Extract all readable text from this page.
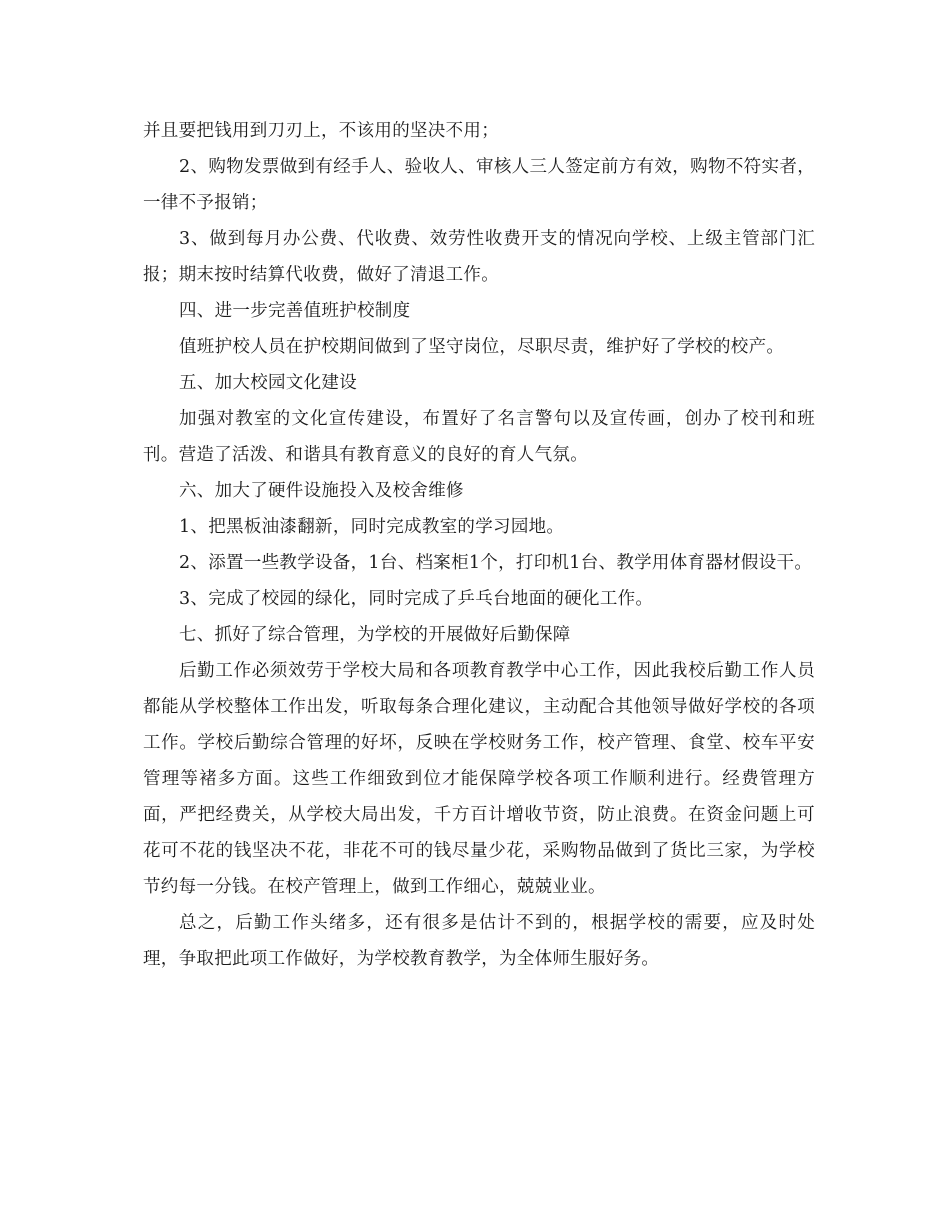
并且要把钱用到刀刃上，不该用的坚决不用；

2、购物发票做到有经手人、验收人、审核人三人签定前方有效，购物不符实者，一律不予报销；

3、做到每月办公费、代收费、效劳性收费开支的情况向学校、上级主管部门汇报；期末按时结算代收费，做好了清退工作。

四、进一步完善值班护校制度

值班护校人员在护校期间做到了坚守岗位，尽职尽责，维护好了学校的校产。

五、加大校园文化建设

加强对教室的文化宣传建设，布置好了名言警句以及宣传画，创办了校刊和班刊。营造了活泼、和谐具有教育意义的良好的育人气氛。

六、加大了硬件设施投入及校舍维修

1、把黑板油漆翻新，同时完成教室的学习园地。

2、添置一些教学设备，1台、档案柜1个，打印机1台、教学用体育器材假设干。

3、完成了校园的绿化，同时完成了乒乓台地面的硬化工作。

七、抓好了综合管理，为学校的开展做好后勤保障

后勤工作必须效劳于学校大局和各项教育教学中心工作，因此我校后勤工作人员都能从学校整体工作出发，听取每条合理化建议，主动配合其他领导做好学校的各项工作。学校后勤综合管理的好坏，反映在学校财务工作，校产管理、食堂、校车平安管理等褚多方面。这些工作细致到位才能保障学校各项工作顺利进行。经费管理方面，严把经费关，从学校大局出发，千方百计增收节资，防止浪费。在资金问题上可花可不花的钱坚决不花，非花不可的钱尽量少花，采购物品做到了货比三家，为学校节约每一分钱。在校产管理上，做到工作细心，兢兢业业。

总之，后勤工作头绪多，还有很多是估计不到的，根据学校的需要，应及时处理，争取把此项工作做好，为学校教育教学，为全体师生服好务。
